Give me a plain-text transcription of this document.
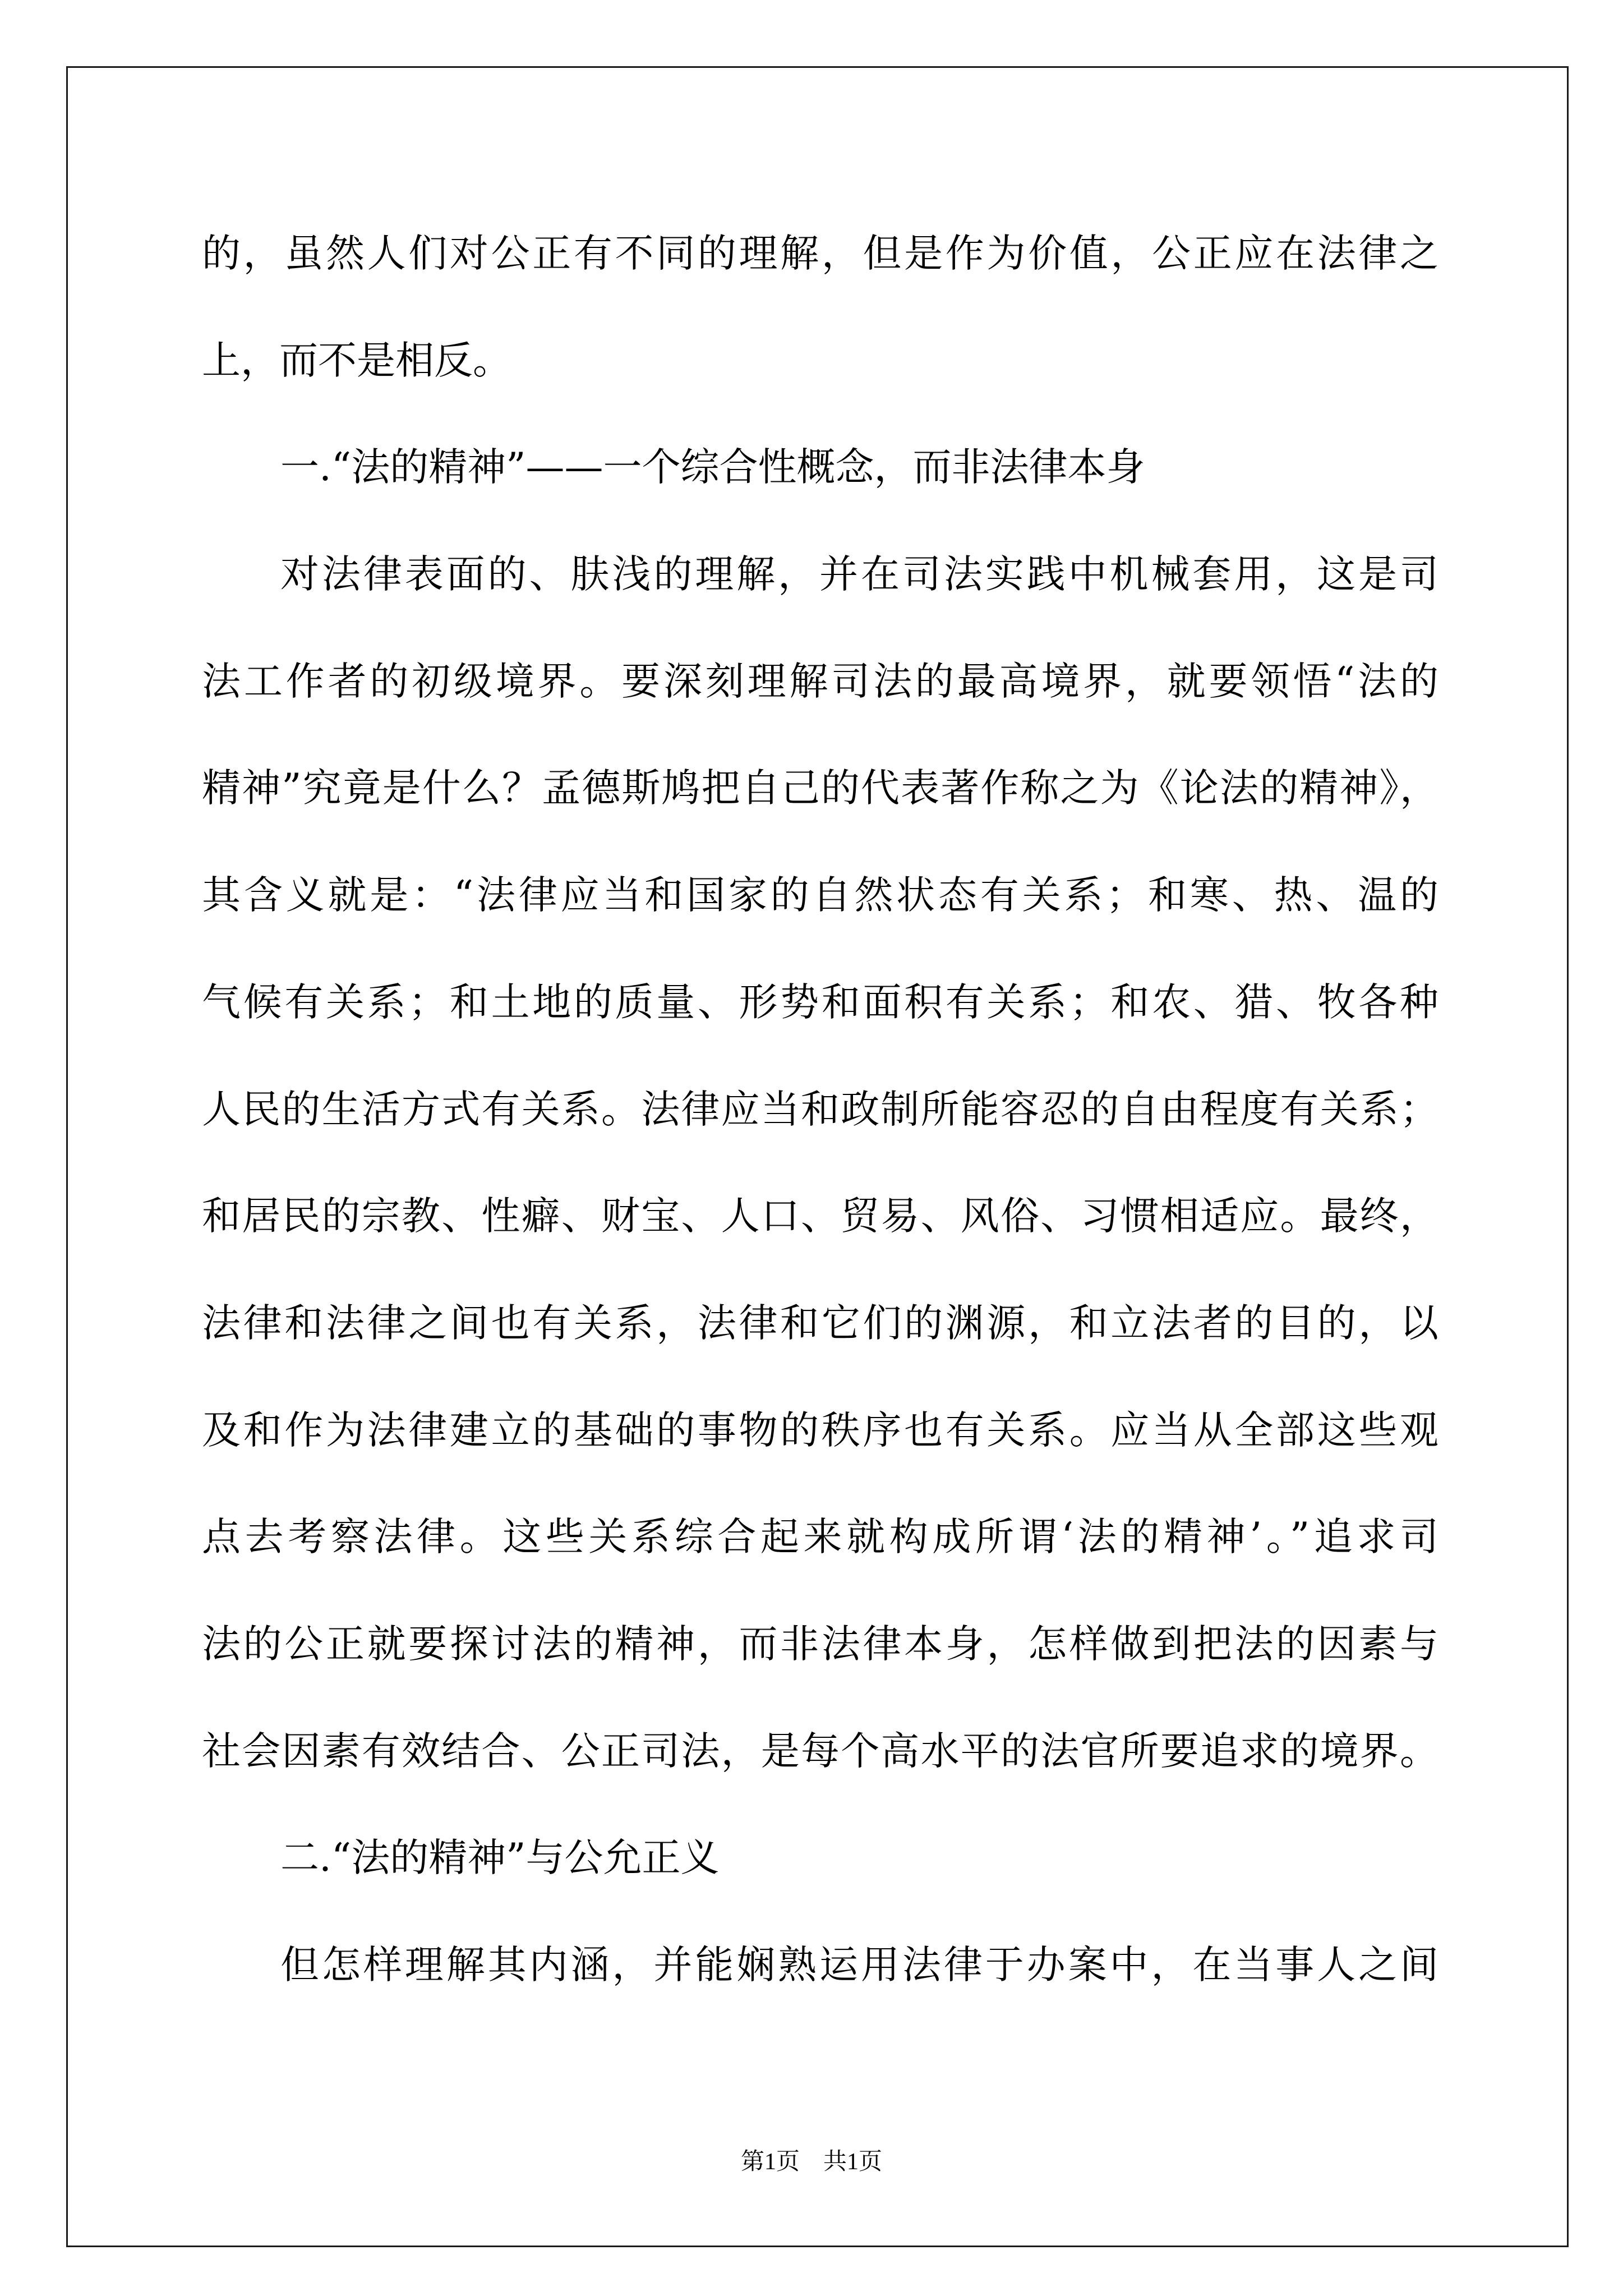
的，虽然人们对公正有不同的理解，但是作为价值，公正应在法律之
上，而不是相反。
一.“法的精神”——一个综合性概念，而非法律本身
对法律表面的、肤浅的理解，并在司法实践中机械套用，这是司
法工作者的初级境界。要深刻理解司法的最高境界，就要领悟“法的
精神”究竟是什么？孟德斯鸠把自己的代表著作称之为《论法的精神》，
其含义就是：“法律应当和国家的自然状态有关系；和寒、热、温的
气候有关系；和土地的质量、形势和面积有关系；和农、猎、牧各种
人民的生活方式有关系。法律应当和政制所能容忍的自由程度有关系；
和居民的宗教、性癖、财宝、人口、贸易、风俗、习惯相适应。最终，
法律和法律之间也有关系，法律和它们的渊源，和立法者的目的，以
及和作为法律建立的基础的事物的秩序也有关系。应当从全部这些观
点去考察法律。这些关系综合起来就构成所谓‘法的精神’。”追求司
法的公正就要探讨法的精神，而非法律本身，怎样做到把法的因素与
社会因素有效结合、公正司法，是每个高水平的法官所要追求的境界。
二.“法的精神”与公允正义
但怎样理解其内涵，并能娴熟运用法律于办案中，在当事人之间
第1页　共1页
